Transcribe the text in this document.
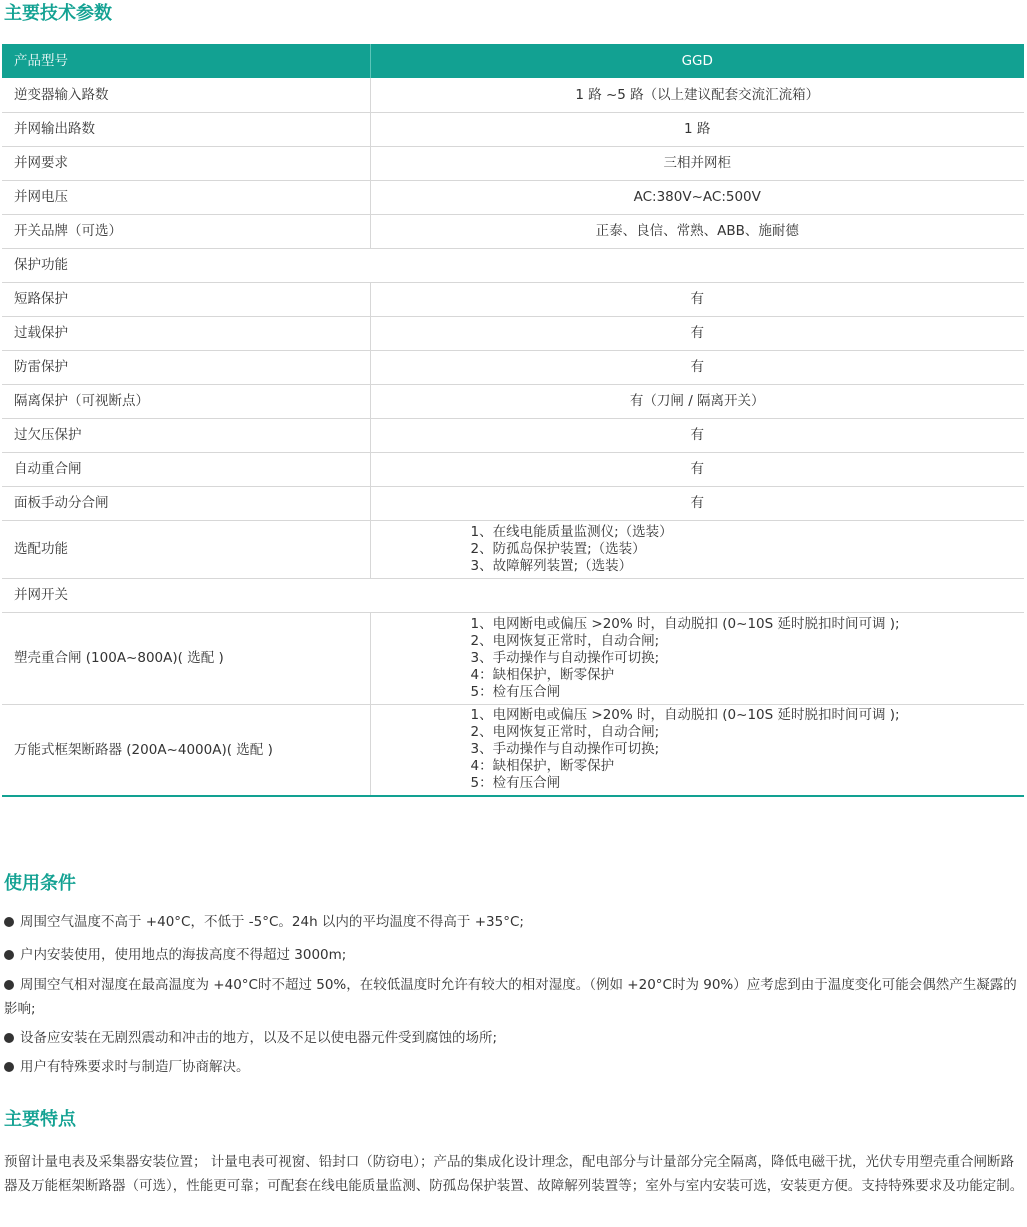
主要技术参数
产品型号	GGD
逆变器输入路数	1 路 ~5 路（以上建议配套交流汇流箱）
并网输出路数	1 路
并网要求	三相并网柜
并网电压	AC:380V~AC:500V
开关品牌（可选）	正泰、良信、常熟、ABB、施耐德
保护功能	
短路保护	有
过载保护	有
防雷保护	有
隔离保护（可视断点）	有（刀闸 / 隔离开关）
过欠压保护	有
自动重合闸	有
面板手动分合闸	有
选配功能	1、在线电能质量监测仪;（选装）
2、防孤岛保护装置;（选装）
3、故障解列装置;（选装）

并网开关	
塑壳重合闸 (100A~800A)( 选配 )	1、电网断电或偏压 >20% 时，自动脱扣 (0~10S 延时脱扣时间可调 );
2、电网恢复正常时，自动合闸;
3、手动操作与自动操作可切换;
4：缺相保护，断零保护
5：检有压合闸

万能式框架断路器 (200A~4000A)( 选配 )	1、电网断电或偏压 >20% 时，自动脱扣 (0~10S 延时脱扣时间可调 );
2、电网恢复正常时，自动合闸;
3、手动操作与自动操作可切换;
4：缺相保护，断零保护
5：检有压合闸
使用条件
周围空气温度不高于 +40°C，不低于 -5°C。24h 以内的平均温度不得高于 +35°C;
户内安装使用，使用地点的海拔高度不得超过 3000m;
周围空气相对湿度在最高温度为 +40°C时不超过 50%，在较低温度时允许有较大的相对湿度。（例如 +20°C时为 90%）应考虑到由于温度变化可能会偶然产生凝露的影响;
设备应安装在无剧烈震动和冲击的地方，以及不足以使电器元件受到腐蚀的场所;
用户有特殊要求时与制造厂协商解决。
主要特点

预留计量电表及采集器安装位置； 计量电表可视窗、铅封口（防窃电）；产品的集成化设计理念，配电部分与计量部分完全隔离，降低电磁干扰，光伏专用塑壳重合闸断路器及万能框架断路器（可选），性能更可靠；可配套在线电能质量监测、防孤岛保护装置、故障解列装置等；室外与室内安装可选，安装更方便。支持特殊要求及功能定制。
